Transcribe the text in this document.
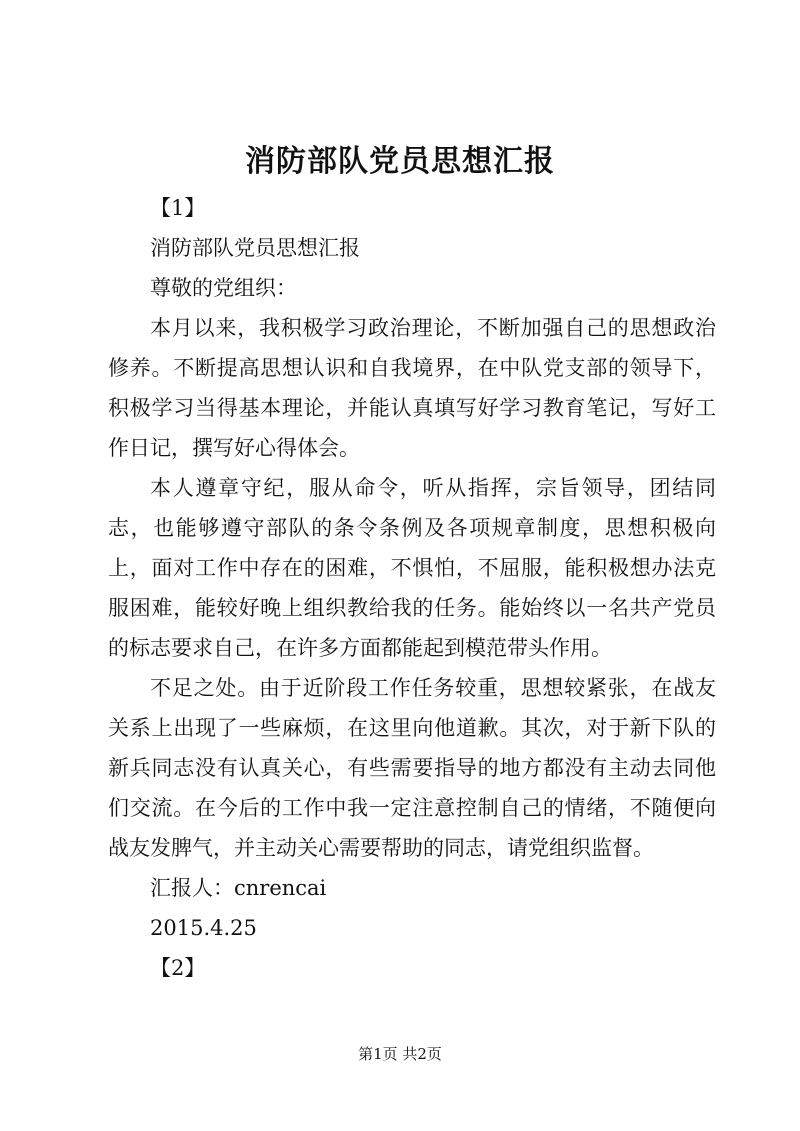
消防部队党员思想汇报

【1】

消防部队党员思想汇报

尊敬的党组织：

本月以来，我积极学习政治理论，不断加强自己的思想政治修养。不断提高思想认识和自我境界，在中队党支部的领导下，积极学习当得基本理论，并能认真填写好学习教育笔记，写好工作日记，撰写好心得体会。

本人遵章守纪，服从命令，听从指挥，宗旨领导，团结同志，也能够遵守部队的条令条例及各项规章制度，思想积极向上，面对工作中存在的困难，不惧怕，不屈服，能积极想办法克服困难，能较好晚上组织教给我的任务。能始终以一名共产党员的标志要求自己，在许多方面都能起到模范带头作用。

不足之处。由于近阶段工作任务较重，思想较紧张，在战友关系上出现了一些麻烦，在这里向他道歉。其次，对于新下队的新兵同志没有认真关心，有些需要指导的地方都没有主动去同他们交流。在今后的工作中我一定注意控制自己的情绪，不随便向战友发脾气，并主动关心需要帮助的同志，请党组织监督。

汇报人：cnrencai

2015.4.25

【2】

第1页 共2页
